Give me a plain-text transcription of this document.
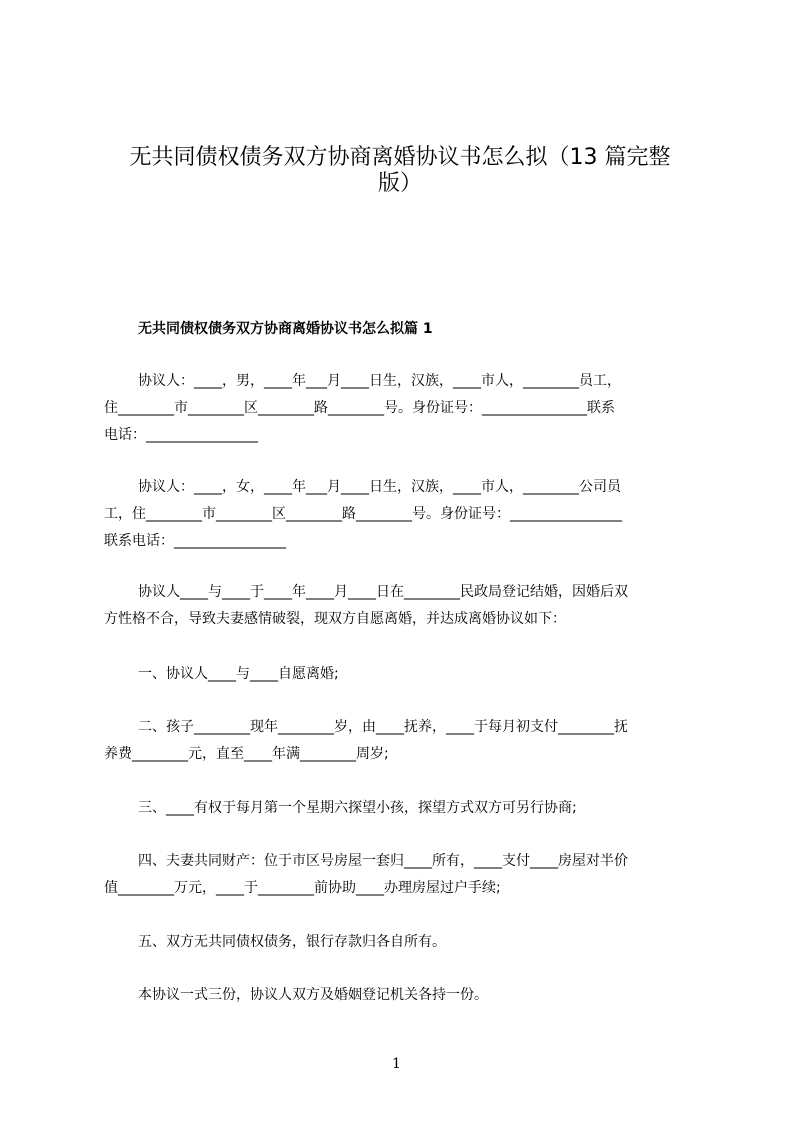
无共同债权债务双方协商离婚协议书怎么拟（13 篇完整
版）
无共同债权债务双方协商离婚协议书怎么拟篇 1
协议人：____，男，____年___月____日生，汉族，____市人，________员工，
住________市________区________路________号。身份证号：_______________联系
电话：________________
协议人：____，女，____年___月____日生，汉族，____市人，________公司员
工，住________市________区________路________号。身份证号：________________
联系电话：________________
协议人____与____于____年____月____日在________民政局登记结婚，因婚后双
方性格不合，导致夫妻感情破裂，现双方自愿离婚，并达成离婚协议如下：
一、协议人____与____自愿离婚;
二、孩子________现年________岁，由____抚养，____于每月初支付________抚
养费________元，直至____年满________周岁;
三、____有权于每月第一个星期六探望小孩，探望方式双方可另行协商;
四、夫妻共同财产：位于市区号房屋一套归____所有，____支付____房屋对半价
值________万元，____于________前协助____办理房屋过户手续;
五、双方无共同债权债务，银行存款归各自所有。
本协议一式三份，协议人双方及婚姻登记机关各持一份。
1
